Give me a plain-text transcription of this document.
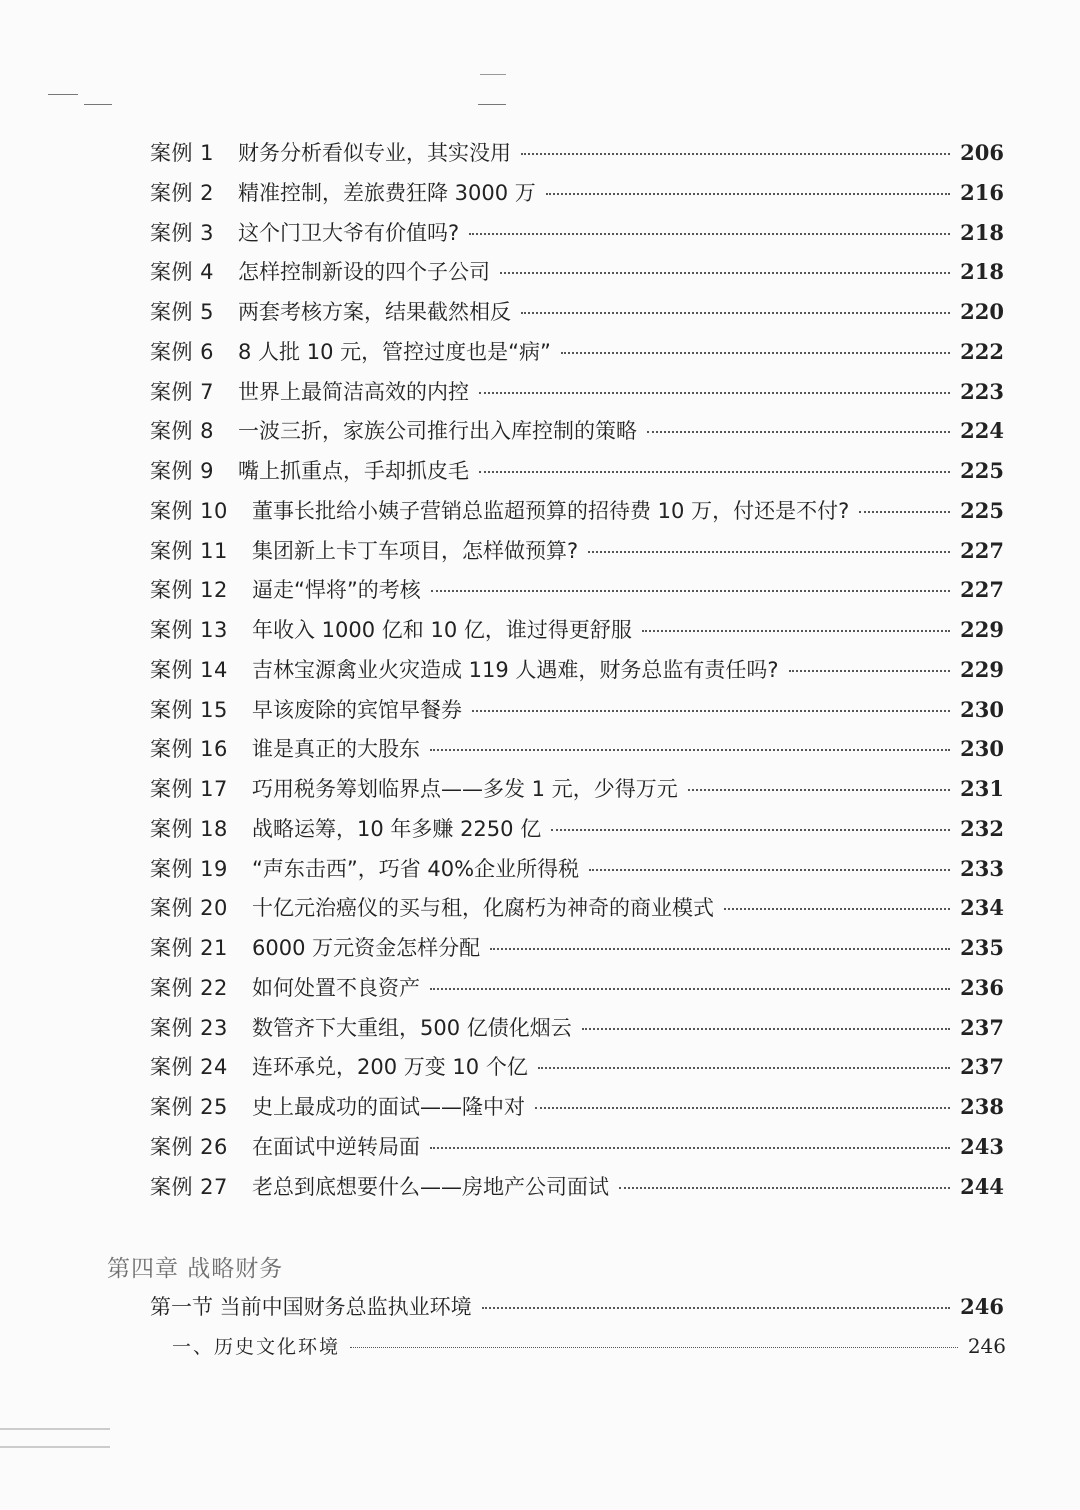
案例 1	财务分析看似专业，其实没用	206
案例 2	精准控制，差旅费狂降 3000 万	216
案例 3	这个门卫大爷有价值吗?	218
案例 4	怎样控制新设的四个子公司	218
案例 5	两套考核方案，结果截然相反	220
案例 6	8 人批 10 元，管控过度也是“病”	222
案例 7	世界上最简洁高效的内控	223
案例 8	一波三折，家族公司推行出入库控制的策略	224
案例 9	嘴上抓重点，手却抓皮毛	225
案例 10	董事长批给小姨子营销总监超预算的招待费 10 万，付还是不付?	225
案例 11	集团新上卡丁车项目，怎样做预算?	227
案例 12	逼走“悍将”的考核	227
案例 13	年收入 1000 亿和 10 亿，谁过得更舒服	229
案例 14	吉林宝源禽业火灾造成 119 人遇难，财务总监有责任吗?	229
案例 15	早该废除的宾馆早餐券	230
案例 16	谁是真正的大股东	230
案例 17	巧用税务筹划临界点——多发 1 元，少得万元	231
案例 18	战略运筹，10 年多赚 2250 亿	232
案例 19	“声东击西”，巧省 40%企业所得税	233
案例 20	十亿元治癌仪的买与租，化腐朽为神奇的商业模式	234
案例 21	6000 万元资金怎样分配	235
案例 22	如何处置不良资产	236
案例 23	数管齐下大重组，500 亿债化烟云	237
案例 24	连环承兑，200 万变 10 个亿	237
案例 25	史上最成功的面试——隆中对	238
案例 26	在面试中逆转局面	243
案例 27	老总到底想要什么——房地产公司面试	244
第四章 战略财务
第一节 当前中国财务总监执业环境	246
一、历史文化环境	246
